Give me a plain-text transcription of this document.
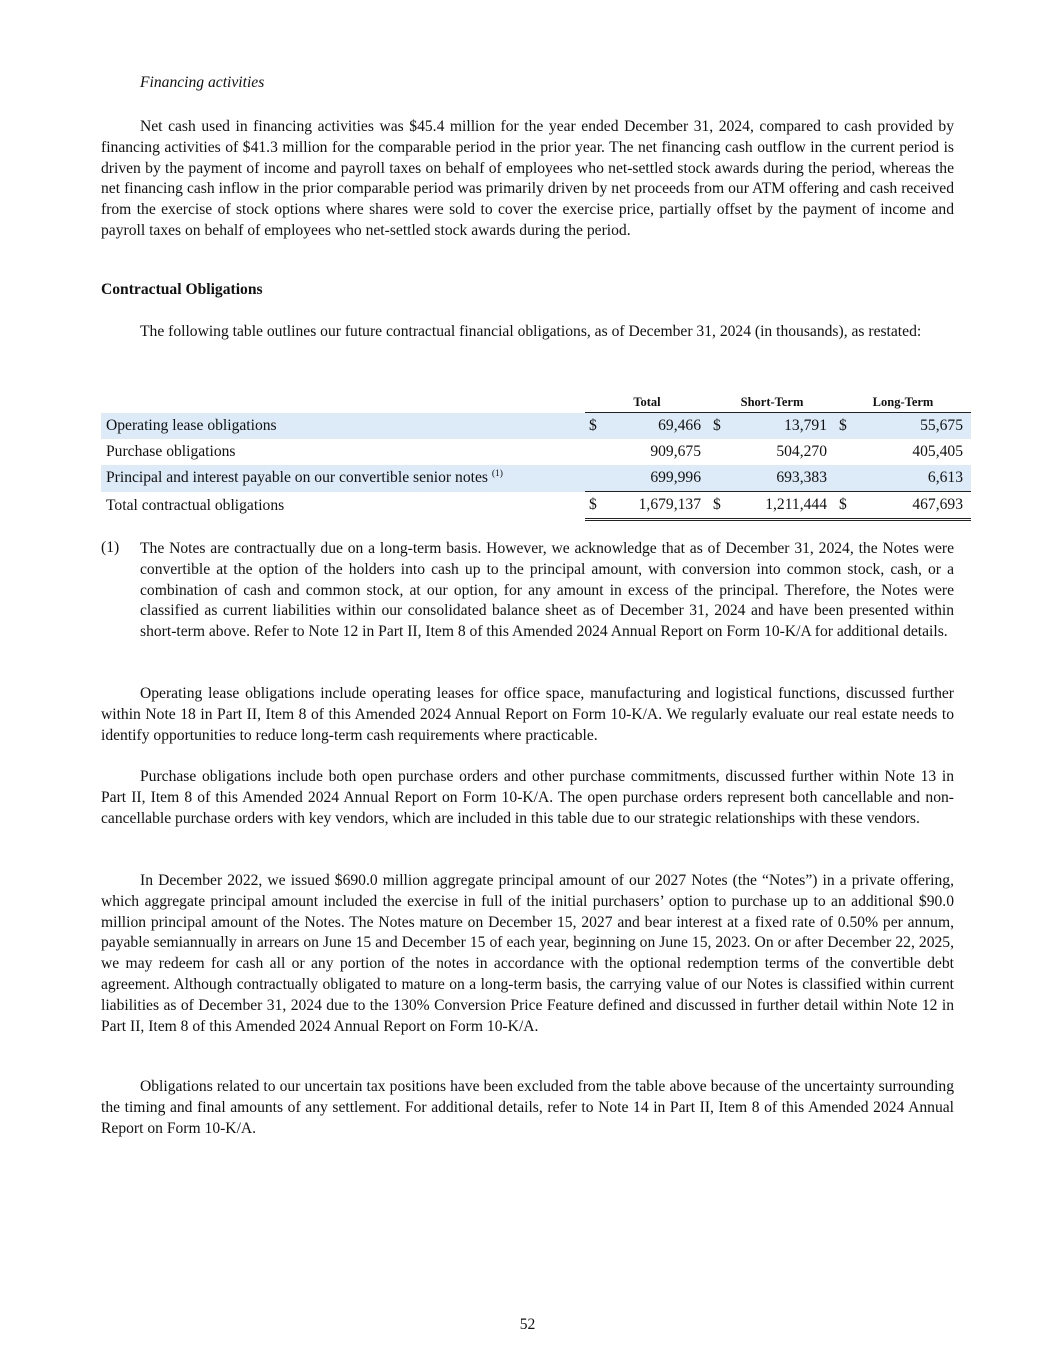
Financing activities

Net cash used in financing activities was $45.4 million for the year ended December 31, 2024, compared to cash provided by financing activities of $41.3 million for the comparable period in the prior year. The net financing cash outflow in the current period is driven by the payment of income and payroll taxes on behalf of employees who net-settled stock awards during the period, whereas the net financing cash inflow in the prior comparable period was primarily driven by net proceeds from our ATM offering and cash received from the exercise of stock options where shares were sold to cover the exercise price, partially offset by the payment of income and payroll taxes on behalf of employees who net-settled stock awards during the period.

Contractual Obligations

The following table outlines our future contractual financial obligations, as of December 31, 2024 (in thousands), as restated:

	Total		Short-Term		Long-Term	
Operating lease obligations	$	69,466	$	13,791	$	55,675
Purchase obligations		909,675		504,270		405,405
Principal and interest payable on our convertible senior notes $^{(1)}$		699,996		693,383		6,613
Total contractual obligations	$	1,679,137	$	1,211,444	$	467,693
(1) The Notes are contractually due on a long-term basis. However, we acknowledge that as of December 31, 2024, the Notes were convertible at the option of the holders into cash up to the principal amount, with conversion into common stock, cash, or a combination of cash and common stock, at our option, for any amount in excess of the principal. Therefore, the Notes were classified as current liabilities within our consolidated balance sheet as of December 31, 2024 and have been presented within short-term above. Refer to Note 12 in Part II, Item 8 of this Amended 2024 Annual Report on Form 10-K/A for additional details.

Operating lease obligations include operating leases for office space, manufacturing and logistical functions, discussed further within Note 18 in Part II, Item 8 of this Amended 2024 Annual Report on Form 10-K/A. We regularly evaluate our real estate needs to identify opportunities to reduce long-term cash requirements where practicable.

Purchase obligations include both open purchase orders and other purchase commitments, discussed further within Note 13 in Part II, Item 8 of this Amended 2024 Annual Report on Form 10-K/A. The open purchase orders represent both cancellable and non-cancellable purchase orders with key vendors, which are included in this table due to our strategic relationships with these vendors.

In December 2022, we issued $690.0 million aggregate principal amount of our 2027 Notes (the “Notes”) in a private offering, which aggregate principal amount included the exercise in full of the initial purchasers’ option to purchase up to an additional $90.0 million principal amount of the Notes. The Notes mature on December 15, 2027 and bear interest at a fixed rate of 0.50% per annum, payable semiannually in arrears on June 15 and December 15 of each year, beginning on June 15, 2023. On or after December 22, 2025, we may redeem for cash all or any portion of the notes in accordance with the optional redemption terms of the convertible debt agreement. Although contractually obligated to mature on a long-term basis, the carrying value of our Notes is classified within current liabilities as of December 31, 2024 due to the 130% Conversion Price Feature defined and discussed in further detail within Note 12 in Part II, Item 8 of this Amended 2024 Annual Report on Form 10-K/A.

Obligations related to our uncertain tax positions have been excluded from the table above because of the uncertainty surrounding the timing and final amounts of any settlement. For additional details, refer to Note 14 in Part II, Item 8 of this Amended 2024 Annual Report on Form 10-K/A.

52
